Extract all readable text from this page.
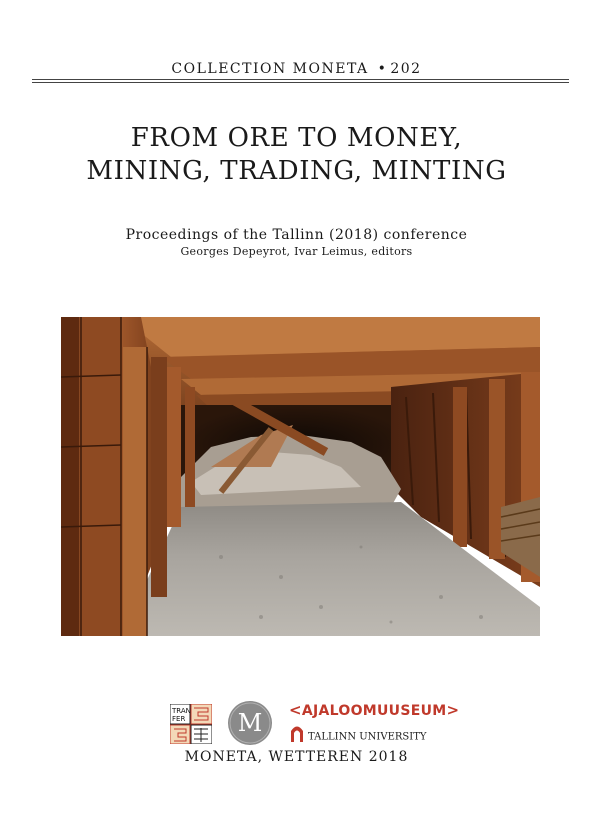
COLLECTION MONETA • 202
FROM ORE TO MONEY,
MINING, TRADING, MINTING
Proceedings of the Tallinn (2018) conference
Georges Depeyrot, Ivar Leimus, editors
TRAN
FER M <AJALOOMUUSEUM>
TALLINN UNIVERSITY
MONETA, WETTEREN 2018
